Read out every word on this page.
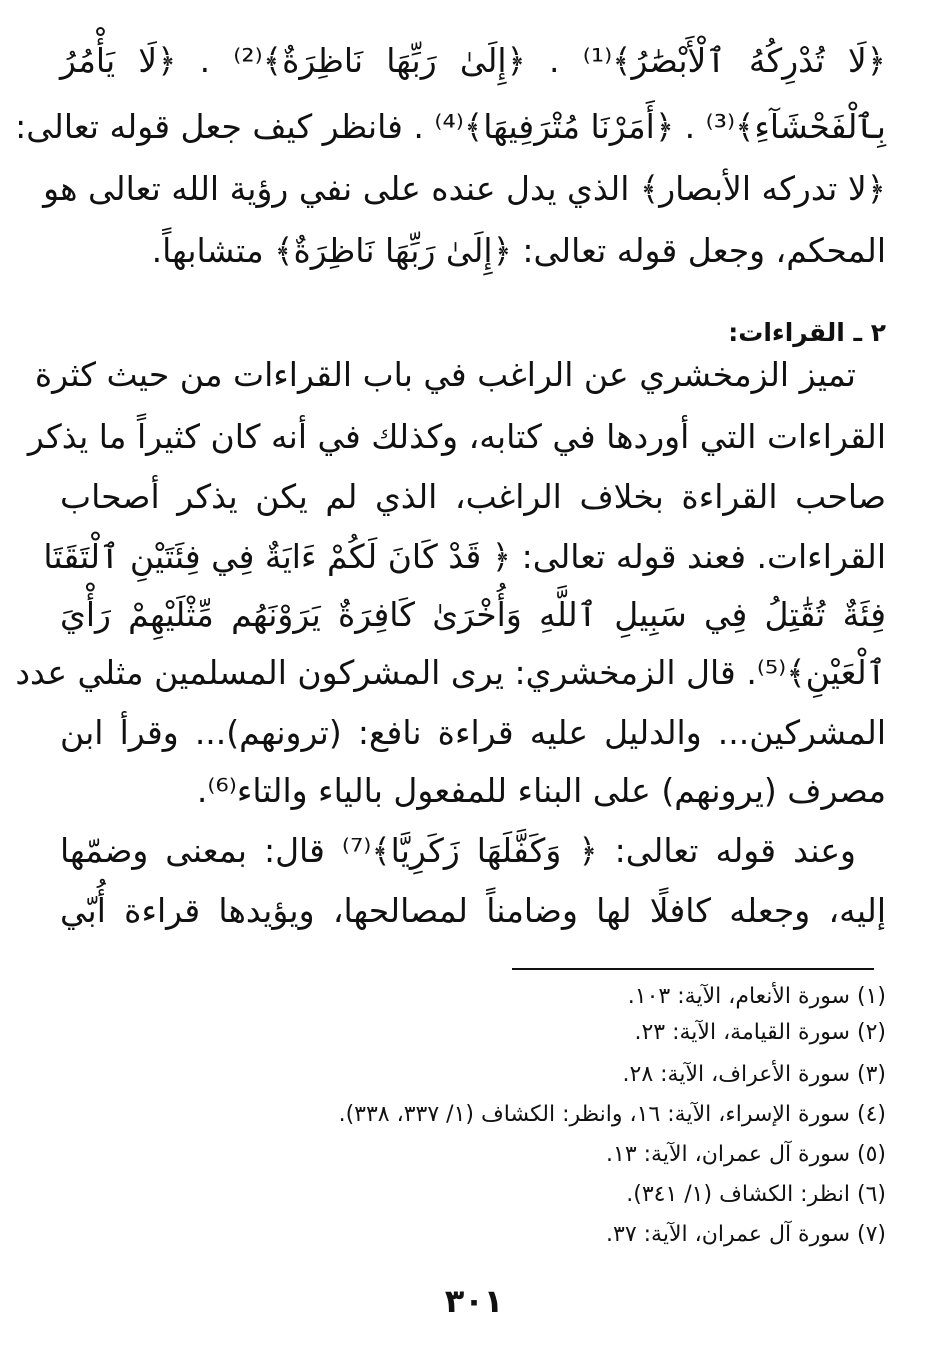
﴿لَا تُدْرِكُهُ ٱلْأَبْصَٰرُ﴾⁽¹⁾ . ﴿إِلَىٰ رَبِّهَا نَاظِرَةٌ﴾⁽²⁾ . ﴿لَا يَأْمُرُ
بِٱلْفَحْشَآءِ﴾⁽³⁾ . ﴿أَمَرْنَا مُتْرَفِيهَا﴾⁽⁴⁾ . فانظر كيف جعل قوله تعالى:
﴿لا تدركه الأبصار﴾ الذي يدل عنده على نفي رؤية الله تعالى هو
المحكم، وجعل قوله تعالى: ﴿إِلَىٰ رَبِّهَا نَاظِرَةٌ﴾ متشابهاً.
٢ ـ القراءات:
تميز الزمخشري عن الراغب في باب القراءات من حيث كثرة
القراءات التي أوردها في كتابه، وكذلك في أنه كان كثيراً ما يذكر
صاحب القراءة بخلاف الراغب، الذي لم يكن يذكر أصحاب
القراءات. فعند قوله تعالى: ﴿ قَدْ كَانَ لَكُمْ ءَايَةٌ فِي فِئَتَيْنِ ٱلْتَقَتَا
فِئَةٌ تُقَٰتِلُ فِي سَبِيلِ ٱللَّهِ وَأُخْرَىٰ كَافِرَةٌ يَرَوْنَهُم مِّثْلَيْهِمْ رَأْيَ
ٱلْعَيْنِ﴾⁽⁵⁾. قال الزمخشري: يرى المشركون المسلمين مثلي عدد
المشركين... والدليل عليه قراءة نافع: (ترونهم)... وقرأ ابن
مصرف (يرونهم) على البناء للمفعول بالياء والتاء⁽⁶⁾.
وعند قوله تعالى: ﴿ وَكَفَّلَهَا زَكَرِيَّا﴾⁽⁷⁾ قال: بمعنى وضمّها
إليه، وجعله كافلًا لها وضامناً لمصالحها، ويؤيدها قراءة أُبّي
(١) سورة الأنعام، الآية: ١٠٣.
(٢) سورة القيامة، الآية: ٢٣.
(٣) سورة الأعراف، الآية: ٢٨.
(٤) سورة الإسراء، الآية: ١٦، وانظر: الكشاف (١/ ٣٣٧، ٣٣٨).
(٥) سورة آل عمران، الآية: ١٣.
(٦) انظر: الكشاف (١/ ٣٤١).
(٧) سورة آل عمران، الآية: ٣٧.
٣٠١
